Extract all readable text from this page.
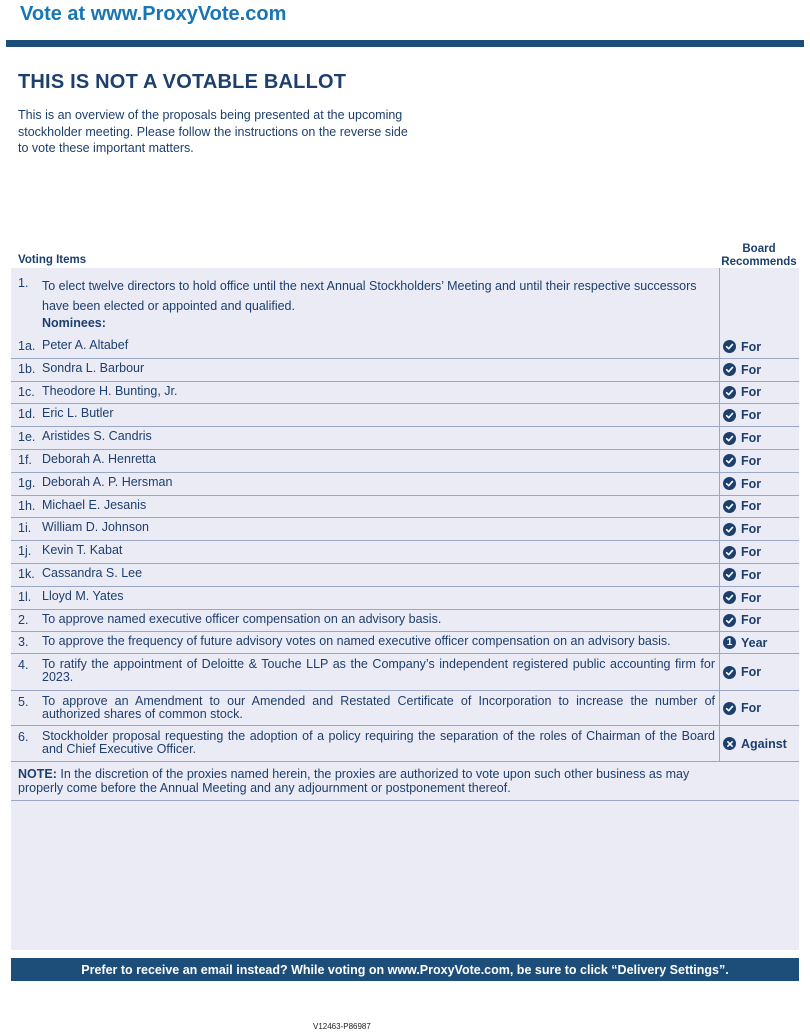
Vote at www.ProxyVote.com
THIS IS NOT A VOTABLE BALLOT
This is an overview of the proposals being presented at the upcoming stockholder meeting. Please follow the instructions on the reverse side to vote these important matters.
Voting Items
Board
Recommends
1. To elect twelve directors to hold office until the next Annual Stockholders’ Meeting and until their respective successors have been elected or appointed and qualified.
Nominees:
1a. Peter A. Altabef	For
1b. Sondra L. Barbour	For
1c. Theodore H. Bunting, Jr.	For
1d. Eric L. Butler	For
1e. Aristides S. Candris	For
1f. Deborah A. Henretta	For
1g. Deborah A. P. Hersman	For
1h. Michael E. Jesanis	For
1i. William D. Johnson	For
1j. Kevin T. Kabat	For
1k. Cassandra S. Lee	For
1l. Lloyd M. Yates	For
2. To approve named executive officer compensation on an advisory basis.	For
3. To approve the frequency of future advisory votes on named executive officer compensation on an advisory basis.	1 Year
4. To ratify the appointment of Deloitte & Touche LLP as the Company’s independent registered public accounting firm for 2023.	For
5. To approve an Amendment to our Amended and Restated Certificate of Incorporation to increase the number of authorized shares of common stock.	For
6. Stockholder proposal requesting the adoption of a policy requiring the separation of the roles of Chairman of the Board and Chief Executive Officer.	Against
NOTE: In the discretion of the proxies named herein, the proxies are authorized to vote upon such other business as may properly come before the Annual Meeting and any adjournment or postponement thereof.
Prefer to receive an email instead? While voting on www.ProxyVote.com, be sure to click “Delivery Settings”.
V12463-P86987
